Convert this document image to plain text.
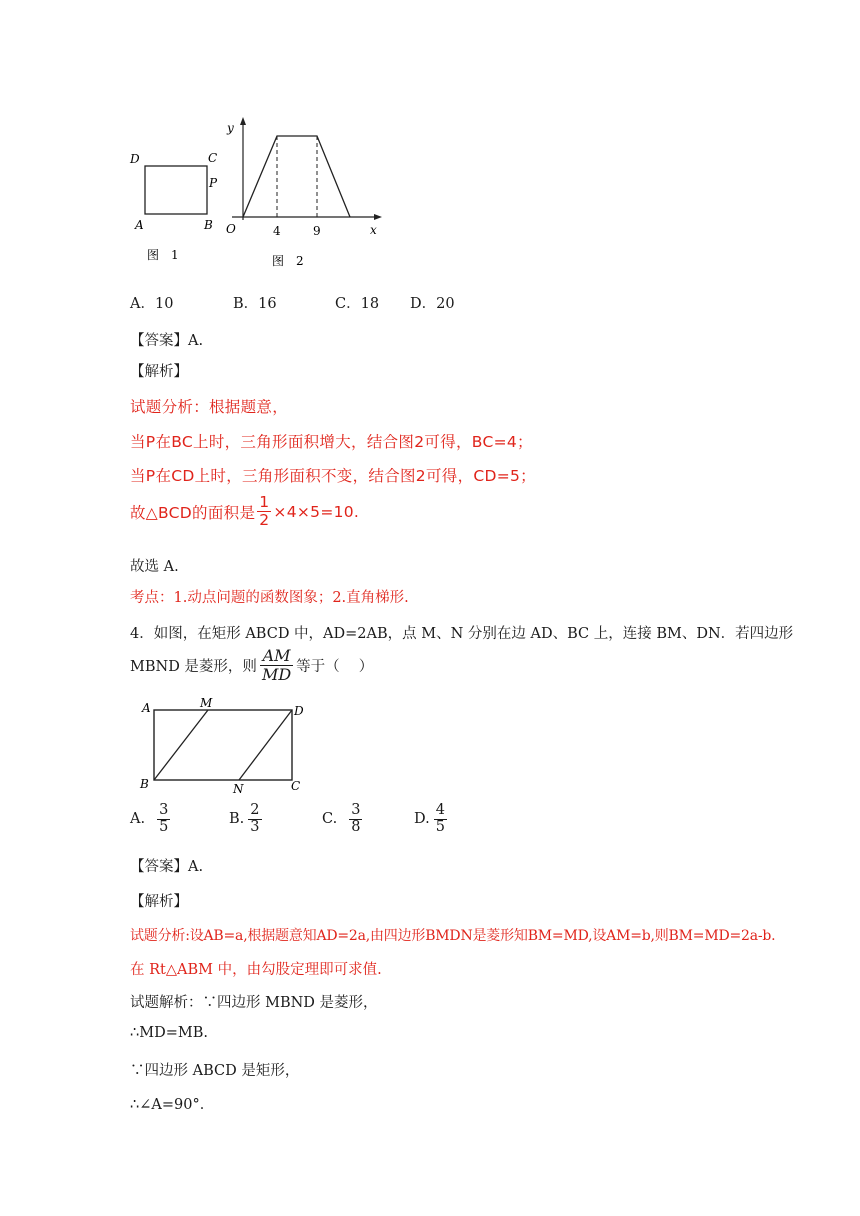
D	C
P
A	B
图　1
y
x
O	4	9
图　2
A．10	B．16	C．18 D．20
【答案】A.
【解析】
试题分析：根据题意，
当P在BC上时，三角形面积增大，结合图2可得，BC=4；
当P在CD上时，三角形面积不变，结合图2可得，CD=5；
故△BCD的面积是 $\frac{1}{2} \times 4\times 5=10$.
故选 A.
考点：1.动点问题的函数图象；2.直角梯形.
4．如图，在矩形 ABCD 中，AD=2AB，点 M、N 分别在边 AD、BC 上，连接 BM、DN．若四边形
MBND 是菱形，则 $\frac{AM}{MD}$ 等于（　 ）
A	M
D
B	N	C
A. $\frac{3}{5}$	B. $\frac{2}{3}$	C. $\frac{3}{8}$	D. $\frac{4}{5}$
【答案】A.
【解析】
试题分析:设AB=a,根据题意知AD=2a,由四边形BMDN是菱形知BM=MD,设AM=b,则BM=MD=2a-b.
在 Rt△ABM 中，由勾股定理即可求值.
试题解析：∵四边形 MBND 是菱形，
∴MD=MB.
∵四边形 ABCD 是矩形，
∴∠A=90°．
